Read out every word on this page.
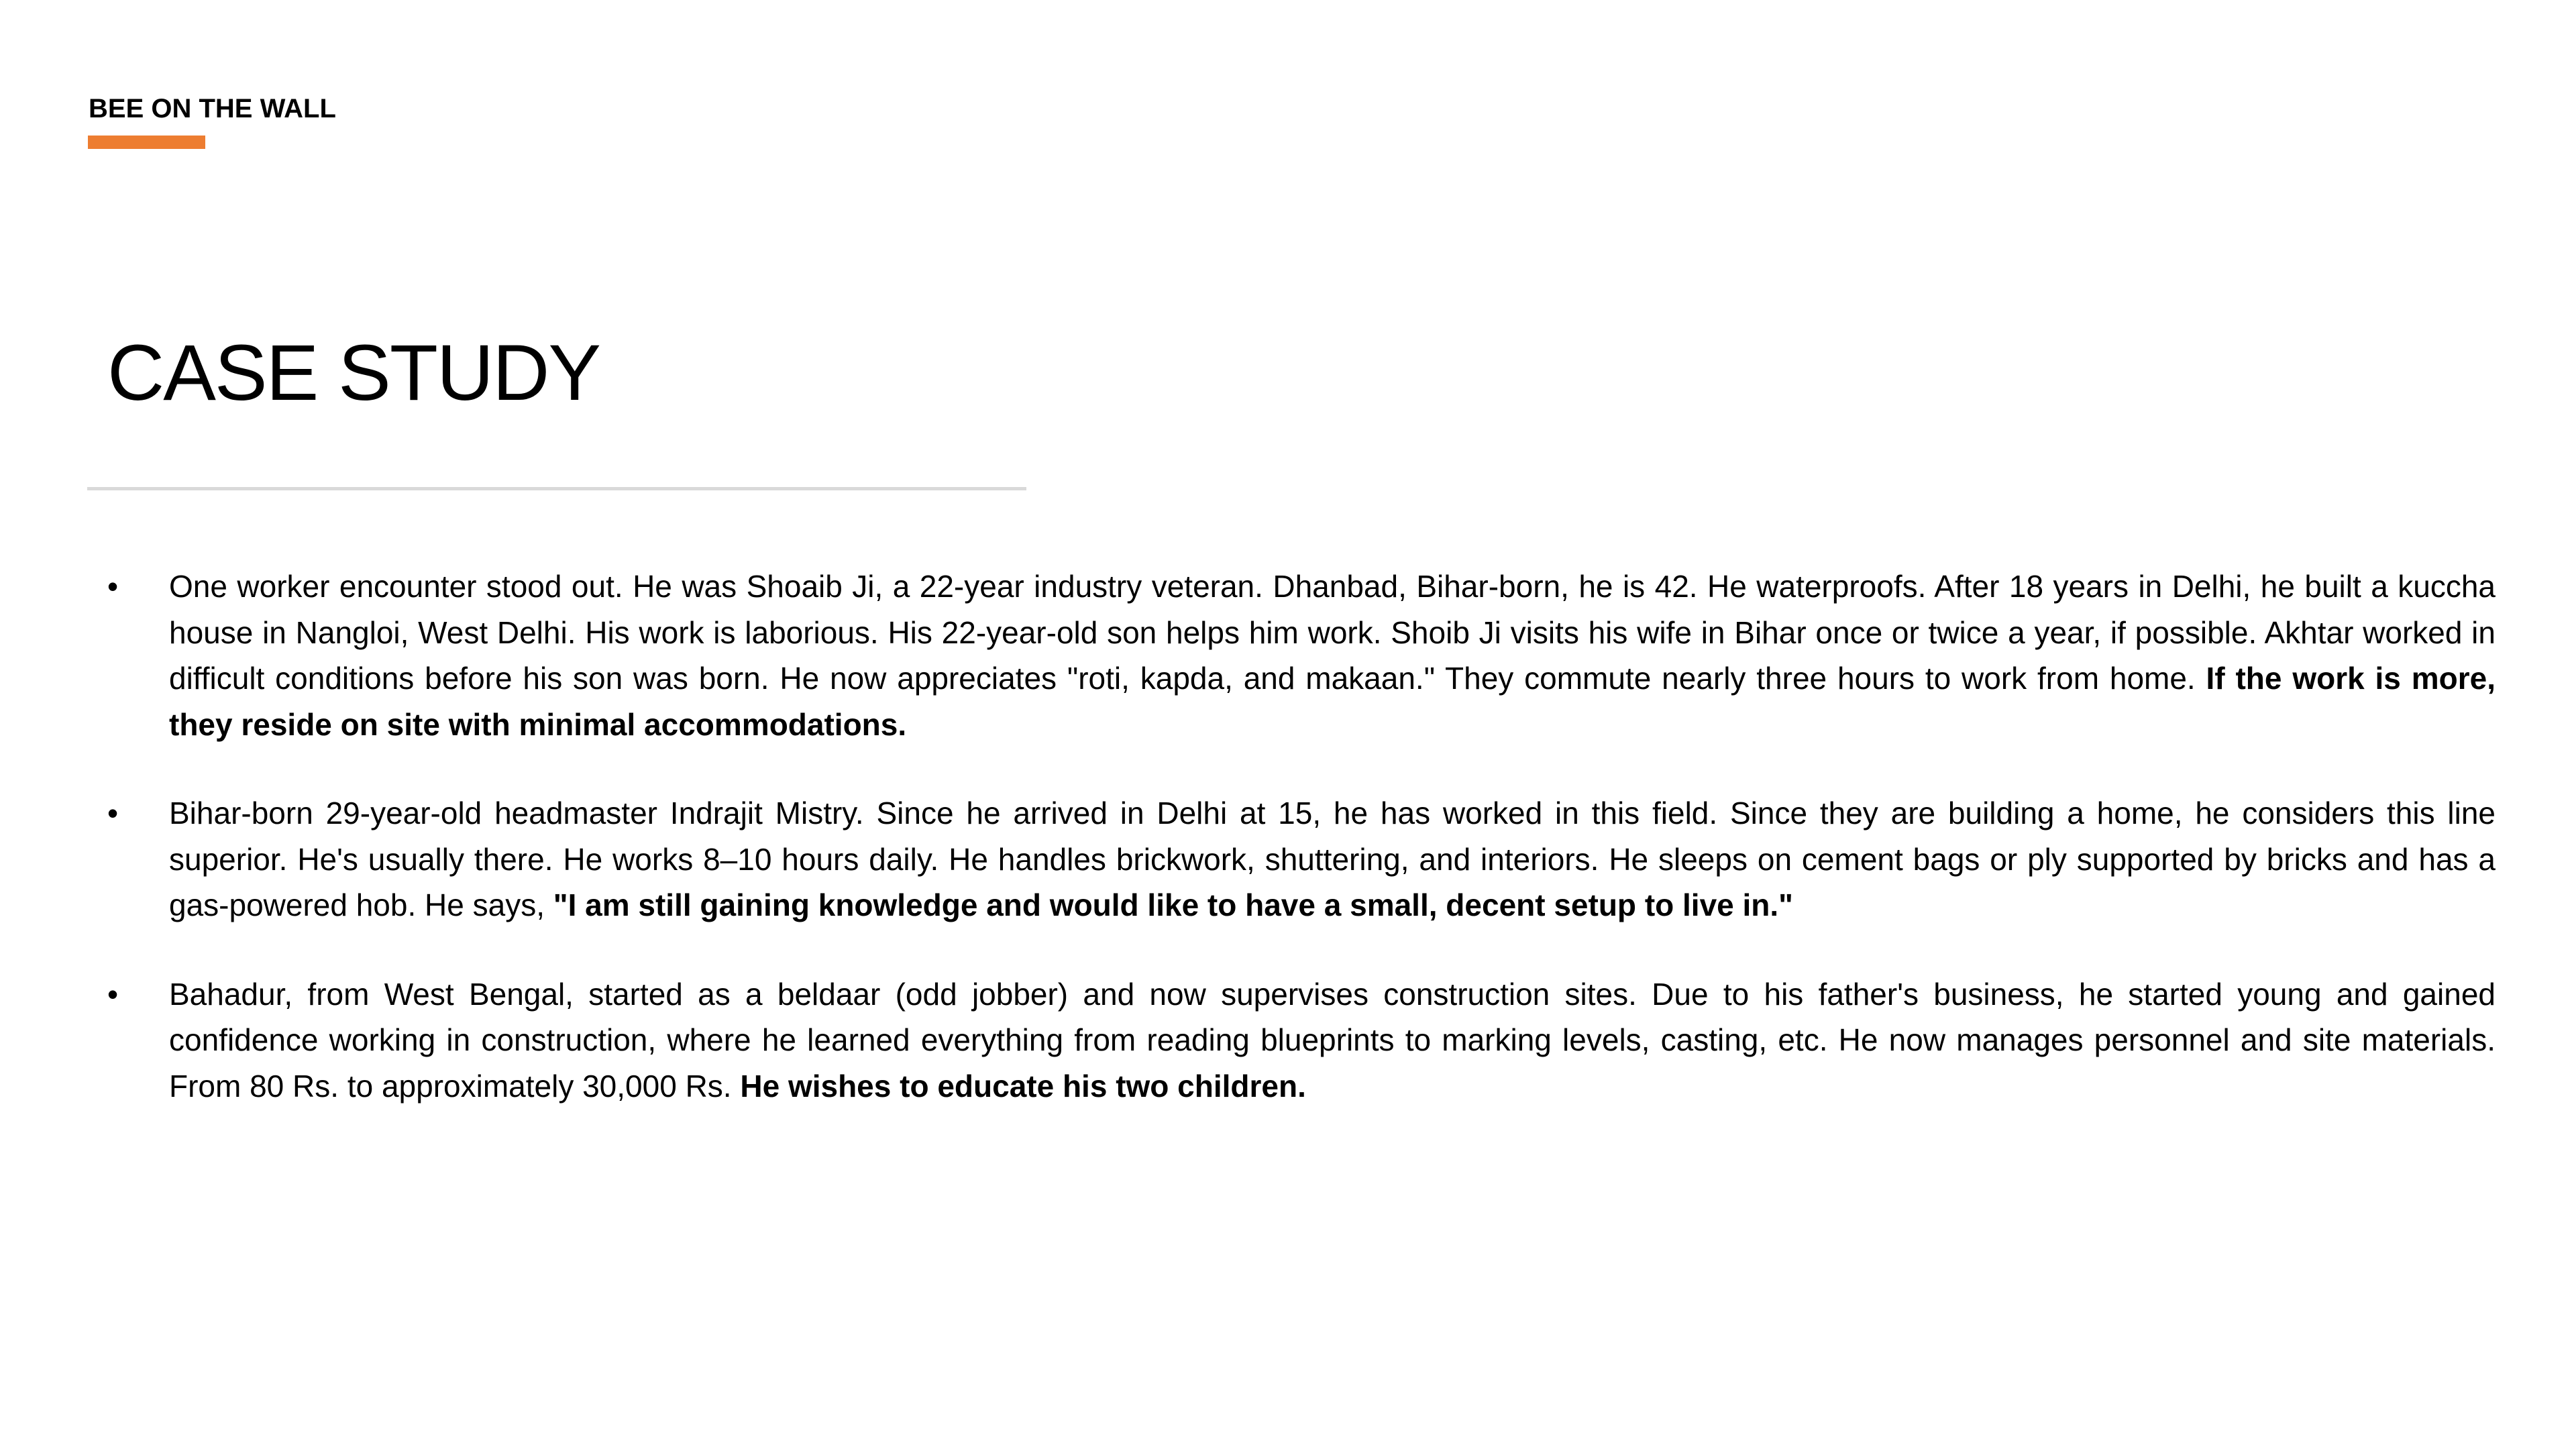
BEE ON THE WALL
CASE STUDY
• One worker encounter stood out. He was Shoaib Ji, a 22-year industry veteran. Dhanbad, Bihar-born, he is 42. He waterproofs. After 18 years in Delhi, he built a kuccha house in Nangloi, West Delhi. His work is laborious. His 22-year-old son helps him work. Shoib Ji visits his wife in Bihar once or twice a year, if possible. Akhtar worked in difficult conditions before his son was born. He now appreciates "roti, kapda, and makaan." They commute nearly three hours to work from home. If the work is more, they reside on site with minimal accommodations.
• Bihar-born 29-year-old headmaster Indrajit Mistry. Since he arrived in Delhi at 15, he has worked in this field. Since they are building a home, he considers this line superior. He's usually there. He works 8–10 hours daily. He handles brickwork, shuttering, and interiors. He sleeps on cement bags or ply supported by bricks and has a gas-powered hob. He says, "I am still gaining knowledge and would like to have a small, decent setup to live in."
• Bahadur, from West Bengal, started as a beldaar (odd jobber) and now supervises construction sites. Due to his father's business, he started young and gained confidence working in construction, where he learned everything from reading blueprints to marking levels, casting, etc. He now manages personnel and site materials. From 80 Rs. to approximately 30,000 Rs. He wishes to educate his two children.
